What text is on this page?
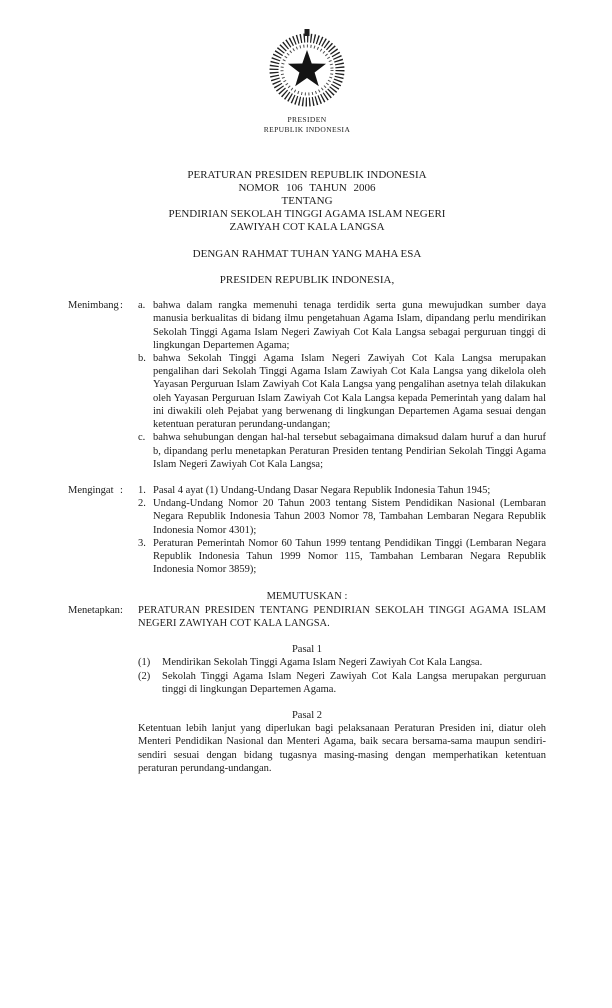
PRESIDEN
REPUBLIK INDONESIA
PERATURAN PRESIDEN REPUBLIK INDONESIA
NOMOR 106 TAHUN 2006
TENTANG
PENDIRIAN SEKOLAH TINGGI AGAMA ISLAM NEGERI
ZAWIYAH COT KALA LANGSA
DENGAN RAHMAT TUHAN YANG MAHA ESA
PRESIDEN REPUBLIK INDONESIA,
Menimbang :	a. bahwa dalam rangka memenuhi tenaga terdidik serta guna mewujudkan sumber daya manusia berkualitas di bidang ilmu pengetahuan Agama Islam, dipandang perlu mendirikan Sekolah Tinggi Agama Islam Negeri Zawiyah Cot Kala Langsa sebagai perguruan tinggi di lingkungan Departemen Agama;
b. bahwa Sekolah Tinggi Agama Islam Negeri Zawiyah Cot Kala Langsa merupakan pengalihan dari Sekolah Tinggi Agama Islam Zawiyah Cot Kala Langsa yang dikelola oleh Yayasan Perguruan Islam Zawiyah Cot Kala Langsa yang pengalihan asetnya telah dilakukan oleh Yayasan Perguruan Islam Zawiyah Cot Kala Langsa kepada Pemerintah yang dalam hal ini diwakili oleh Pejabat yang berwenang di lingkungan Departemen Agama sesuai dengan ketentuan peraturan perundang-undangan;
c. bahwa sehubungan dengan hal-hal tersebut sebagaimana dimaksud dalam huruf a dan huruf b, dipandang perlu menetapkan Peraturan Presiden tentang Pendirian Sekolah Tinggi Agama Islam Negeri Zawiyah Cot Kala Langsa;
Mengingat :	1. Pasal 4 ayat (1) Undang-Undang Dasar Negara Republik Indonesia Tahun 1945;
2. Undang-Undang Nomor 20 Tahun 2003 tentang Sistem Pendidikan Nasional (Lembaran Negara Republik Indonesia Tahun 2003 Nomor 78, Tambahan Lembaran Negara Republik Indonesia Nomor 4301);
3. Peraturan Pemerintah Nomor 60 Tahun 1999 tentang Pendidikan Tinggi (Lembaran Negara Republik Indonesia Tahun 1999 Nomor 115, Tambahan Lembaran Negara Republik Indonesia Nomor 3859);
MEMUTUSKAN :
Menetapkan :	PERATURAN PRESIDEN TENTANG PENDIRIAN SEKOLAH TINGGI AGAMA ISLAM NEGERI ZAWIYAH COT KALA LANGSA.
Pasal 1
(1)	Mendirikan Sekolah Tinggi Agama Islam Negeri Zawiyah Cot Kala Langsa.
(2)	Sekolah Tinggi Agama Islam Negeri Zawiyah Cot Kala Langsa merupakan perguruan tinggi di lingkungan Departemen Agama.
Pasal 2
Ketentuan lebih lanjut yang diperlukan bagi pelaksanaan Peraturan Presiden ini, diatur oleh Menteri Pendidikan Nasional dan Menteri Agama, baik secara bersama-sama maupun sendiri-sendiri sesuai dengan bidang tugasnya masing-masing dengan memperhatikan ketentuan peraturan perundang-undangan.
